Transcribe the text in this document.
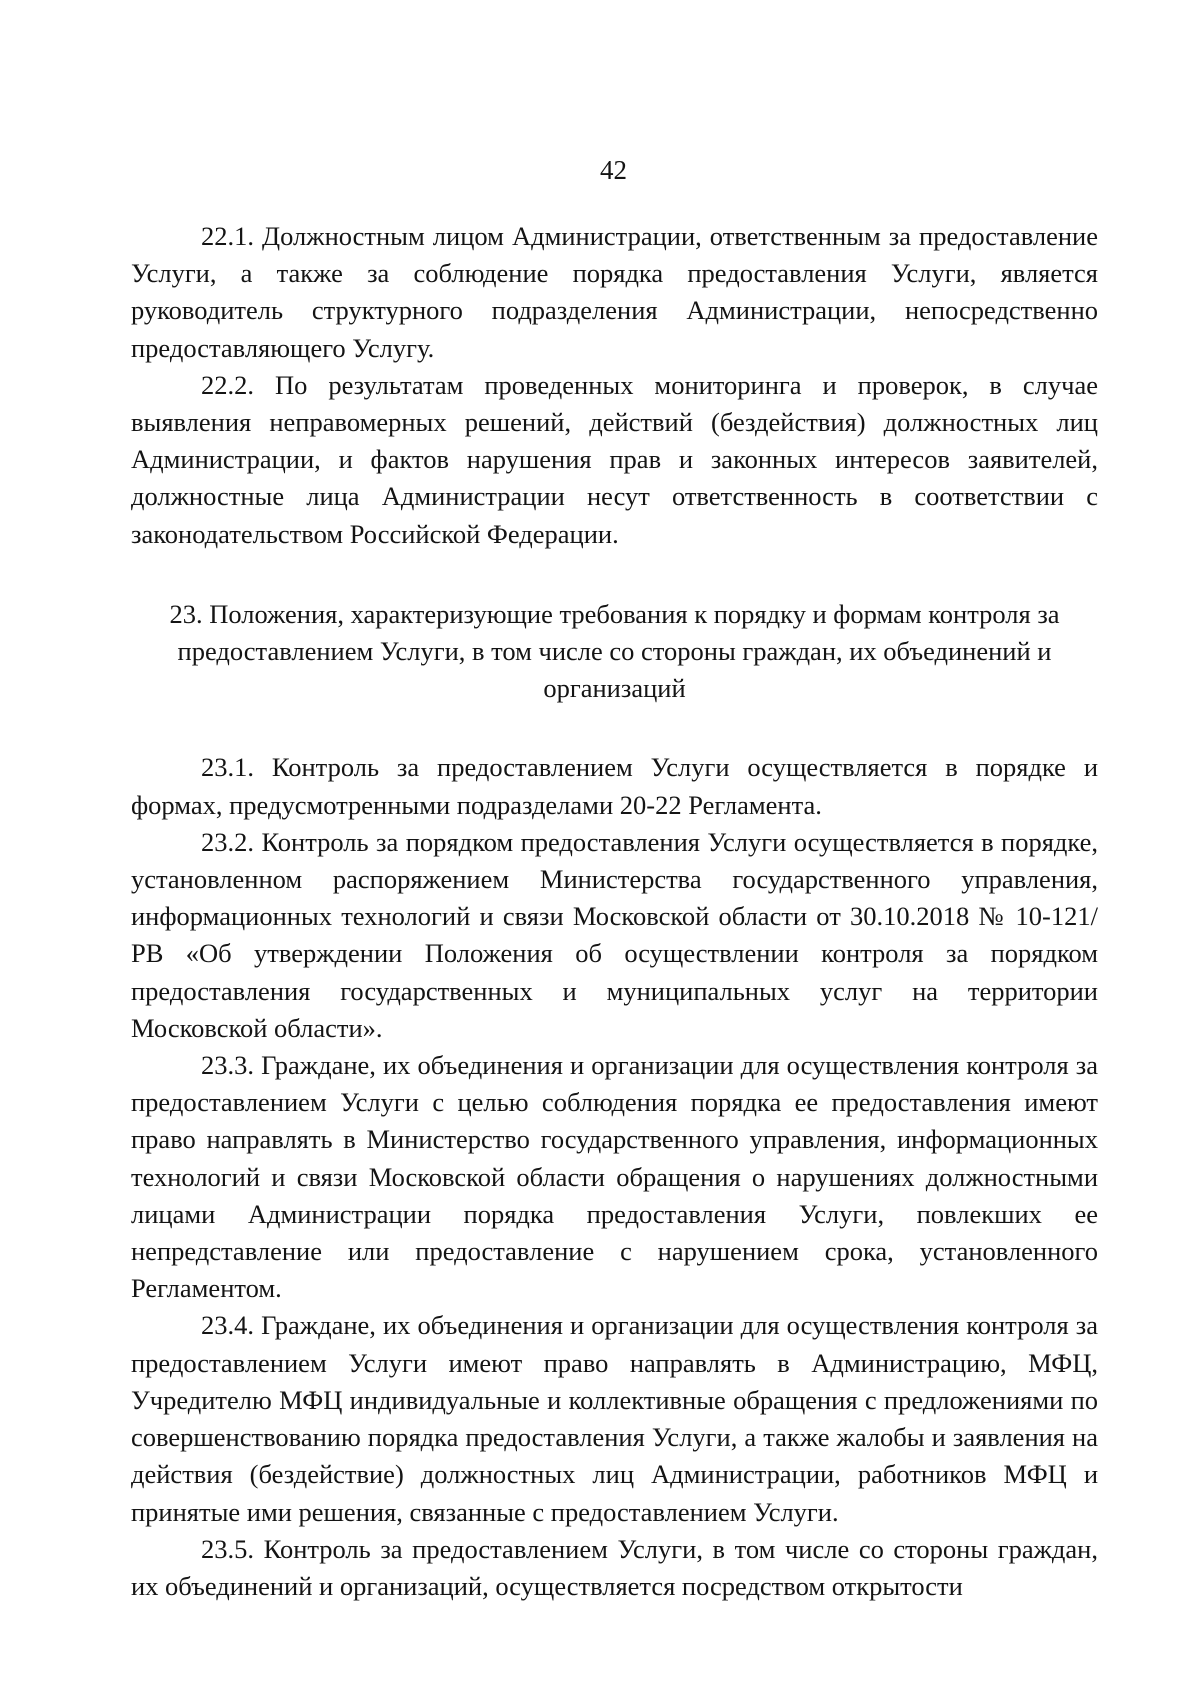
42

22.1. Должностным лицом Администрации, ответственным за предоставление Услуги, а также за соблюдение порядка предоставления Услуги, является руководитель структурного подразделения Администрации, непосредственно предоставляющего Услугу.

22.2. По результатам проведенных мониторинга и проверок, в случае выявления неправомерных решений, действий (бездействия) должностных лиц Администрации, и фактов нарушения прав и законных интересов заявителей, должностные лица Администрации несут ответственность в соответствии с законодательством Российской Федерации.

23. Положения, характеризующие требования к порядку и формам контроля за предоставлением Услуги, в том числе со стороны граждан, их объединений и организаций

23.1. Контроль за предоставлением Услуги осуществляется в порядке и формах, предусмотренными подразделами 20-22 Регламента.

23.2. Контроль за порядком предоставления Услуги осуществляется в порядке, установленном распоряжением Министерства государственного управления, информационных технологий и связи Московской области от 30.10.2018 № 10-121/РВ «Об утверждении Положения об осуществлении контроля за порядком предоставления государственных и муниципальных услуг на территории Московской области».

23.3. Граждане, их объединения и организации для осуществления контроля за предоставлением Услуги с целью соблюдения порядка ее предоставления имеют право направлять в Министерство государственного управления, информационных технологий и связи Московской области обращения о нарушениях должностными лицами Администрации порядка предоставления Услуги, повлекших ее непредставление или предоставление с нарушением срока, установленного Регламентом.

23.4. Граждане, их объединения и организации для осуществления контроля за предоставлением Услуги имеют право направлять в Администрацию, МФЦ, Учредителю МФЦ индивидуальные и коллективные обращения с предложениями по совершенствованию порядка предоставления Услуги, а также жалобы и заявления на действия (бездействие) должностных лиц Администрации, работников МФЦ и принятые ими решения, связанные с предоставлением Услуги.

23.5. Контроль за предоставлением Услуги, в том числе со стороны граждан, их объединений и организаций, осуществляется посредством открытости
